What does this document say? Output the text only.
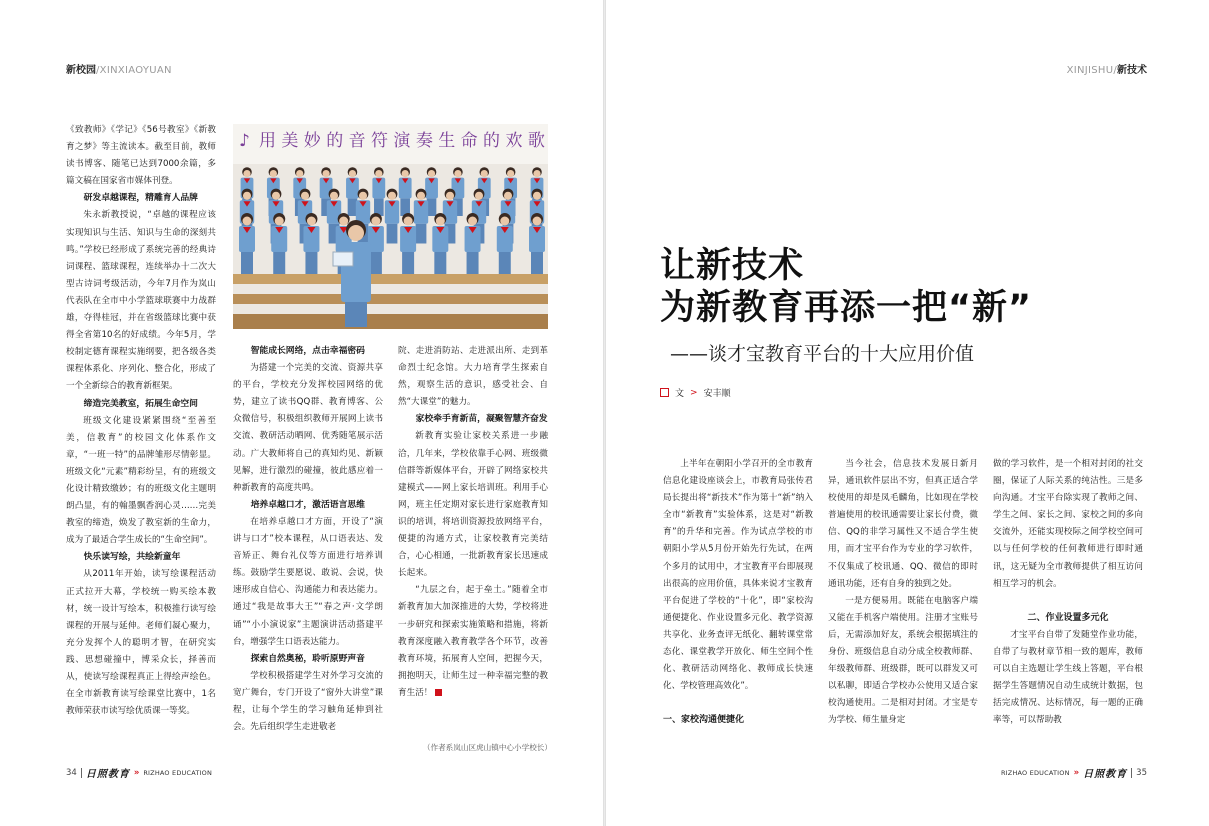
新校园/XINXIAOYUAN	XINJISHU/新技术

《致教师》《学记》《56号教室》《新教育之梦》等主流读本。截至目前，教师读书博客、随笔已达到7000余篇，多篇文稿在国家省市媒体刊登。

研发卓越课程，精雕育人品牌

朱永新教授说，“卓越的课程应该实现知识与生活、知识与生命的深刻共鸣。”学校已经形成了系统完善的经典诗词课程、篮球课程，连续举办十二次大型古诗词考级活动，今年7月作为岚山代表队在全市中小学篮球联赛中力战群雄，夺得桂冠，并在省级篮球比赛中获得全省第10名的好成绩。今年5月，学校制定德育课程实施纲要，把各级各类课程体系化、序列化、整合化，形成了一个全新综合的教育新框架。

缔造完美教室，拓展生命空间

班级文化建设紧紧围绕“至善至美，信教育”的校园文化体系作文章，“一班一特”的品牌雏形尽情彰显。班级文化“元素”精彩纷呈，有的班级文化设计精致缴妙；有的班级文化主题明朗凸显，有的翰墨飘香润心灵……完美教室的缔造，焕发了教室新的生命力，成为了最适合学生成长的“生命空间”。

快乐读写绘，共绘新童年

从2011年开始，读写绘课程活动正式拉开大幕，学校统一购买绘本教材，统一设计写绘本，积极推行读写绘课程的开展与延伸。老师们凝心聚力，充分发挥个人的聪明才智，在研究实践、思想碰撞中，博采众长，择善而从，使读写绘课程真正上得绘声绘色。在全市新教育读写绘课堂比赛中，1名教师荣获市读写绘优质课一等奖。

智能成长网络，点击幸福密码

为搭建一个完美的交流、资源共享的平台，学校充分发挥校园网络的优势，建立了读书QQ群、教育博客、公众微信号，积极组织教师开展网上读书交流、教研活动晒网、优秀随笔展示活动。广大教师将自己的真知灼见、新颖见解，进行激烈的碰撞，彼此感应着一种新教育的高度共鸣。

培养卓越口才，激活语言思维

在培养卓越口才方面，开设了“演讲与口才”校本课程，从口语表达、发音矫正、舞台礼仪等方面进行培养训练。鼓励学生要愿说、敢说、会说，快速形成自信心、沟通能力和表达能力。通过“我是故事大王”“春之声·文学朗诵”“小小演说家”主题演讲活动搭建平台，增强学生口语表达能力。

探索自然奥秘，聆听原野声音

学校积极搭建学生对外学习交流的宽广舞台，专门开设了“窗外大讲堂”课程，让每个学生的学习触角延伸到社会。先后组织学生走进敬老

院、走进消防站、走进派出所、走到革命烈士纪念馆。大力培育学生探索自然，观察生活的意识，感受社会、自然“大课堂”的魅力。

家校牵手育新苗，凝聚智慧齐奋发

新教育实验让家校关系进一步融洽，几年来，学校依靠手心网、班级微信群等新媒体平台，开辟了网络家校共建模式——网上家长培训班。利用手心网，班主任定期对家长进行家庭教育知识的培训，将培训资源投放网络平台，便捷的沟通方式，让家校教育完美结合，心心相通，一批新教育家长迅速成长起来。

“九层之台，起于垒土。”随着全市新教育加大加深推进的大势，学校将进一步研究和探索实施策略和措施，将新教育深度融入教育教学各个环节，改善教育环境，拓展育人空间，把握今天，拥抱明天，让师生过一种幸福完整的教育生活！

上半年在朝阳小学召开的全市教育信息化建设座谈会上，市教育局张传君局长提出将“新技术”作为第十“新”纳入全市“新教育”实验体系，这是对“新教育”的升华和完善。作为试点学校的市朝阳小学从5月份开始先行先试，在两个多月的试用中，才宝教育平台即展现出很高的应用价值，具体来说才宝教育平台促进了学校的“十化”，即“家校沟通便捷化、作业设置多元化、教学资源共享化、业务查评无纸化、翻转课堂常态化、课堂教学开放化、师生空间个性化、教研活动网络化、教师成长快速化、学校管理高效化”。

一、家校沟通便捷化

当今社会，信息技术发展日新月异，通讯软件层出不穷，但真正适合学校使用的却是凤毛麟角，比如现在学校普遍使用的校讯通需要让家长付费，微信、QQ的非学习属性又不适合学生使用，而才宝平台作为专业的学习软件，不仅集成了校讯通、QQ、微信的即时通讯功能，还有自身的独到之处。

一是方便易用。既能在电脑客户端又能在手机客户端使用。注册才宝账号后，无需添加好友，系统会根据填注的身份、班级信息自动分成全校教师群、年级教师群、班级群，既可以群发又可以私聊，即适合学校办公使用又适合家校沟通使用。二是相对封闭。才宝是专为学校、师生量身定

做的学习软件，是一个相对封闭的社交圈，保证了人际关系的纯洁性。三是多向沟通。才宝平台除实现了教师之间、学生之间、家长之间、家校之间的多向交流外，还能实现校际之间学校空间可以与任何学校的任何教师进行即时通讯，这无疑为全市教师提供了相互访问相互学习的机会。

二、作业设置多元化

才宝平台自带了发随堂作业功能，自带了与教材章节相一致的题库，教师可以自主选题让学生线上答题，平台根据学生答题情况自动生成统计数据，包括完成情况、达标情况，每一题的正确率等，可以帮助教

♪ 用 美 妙 的 音 符 演 奏 生 命 的 欢 歌
（作者系岚山区虎山镇中心小学校长）
让新技术
为新教育再添一把“新”
——谈才宝教育平台的十大应用价值
文 > 安丰顺
34 日照教育 » RIZHAO EDUCATION	RIZHAO EDUCATION » 日照教育 35
